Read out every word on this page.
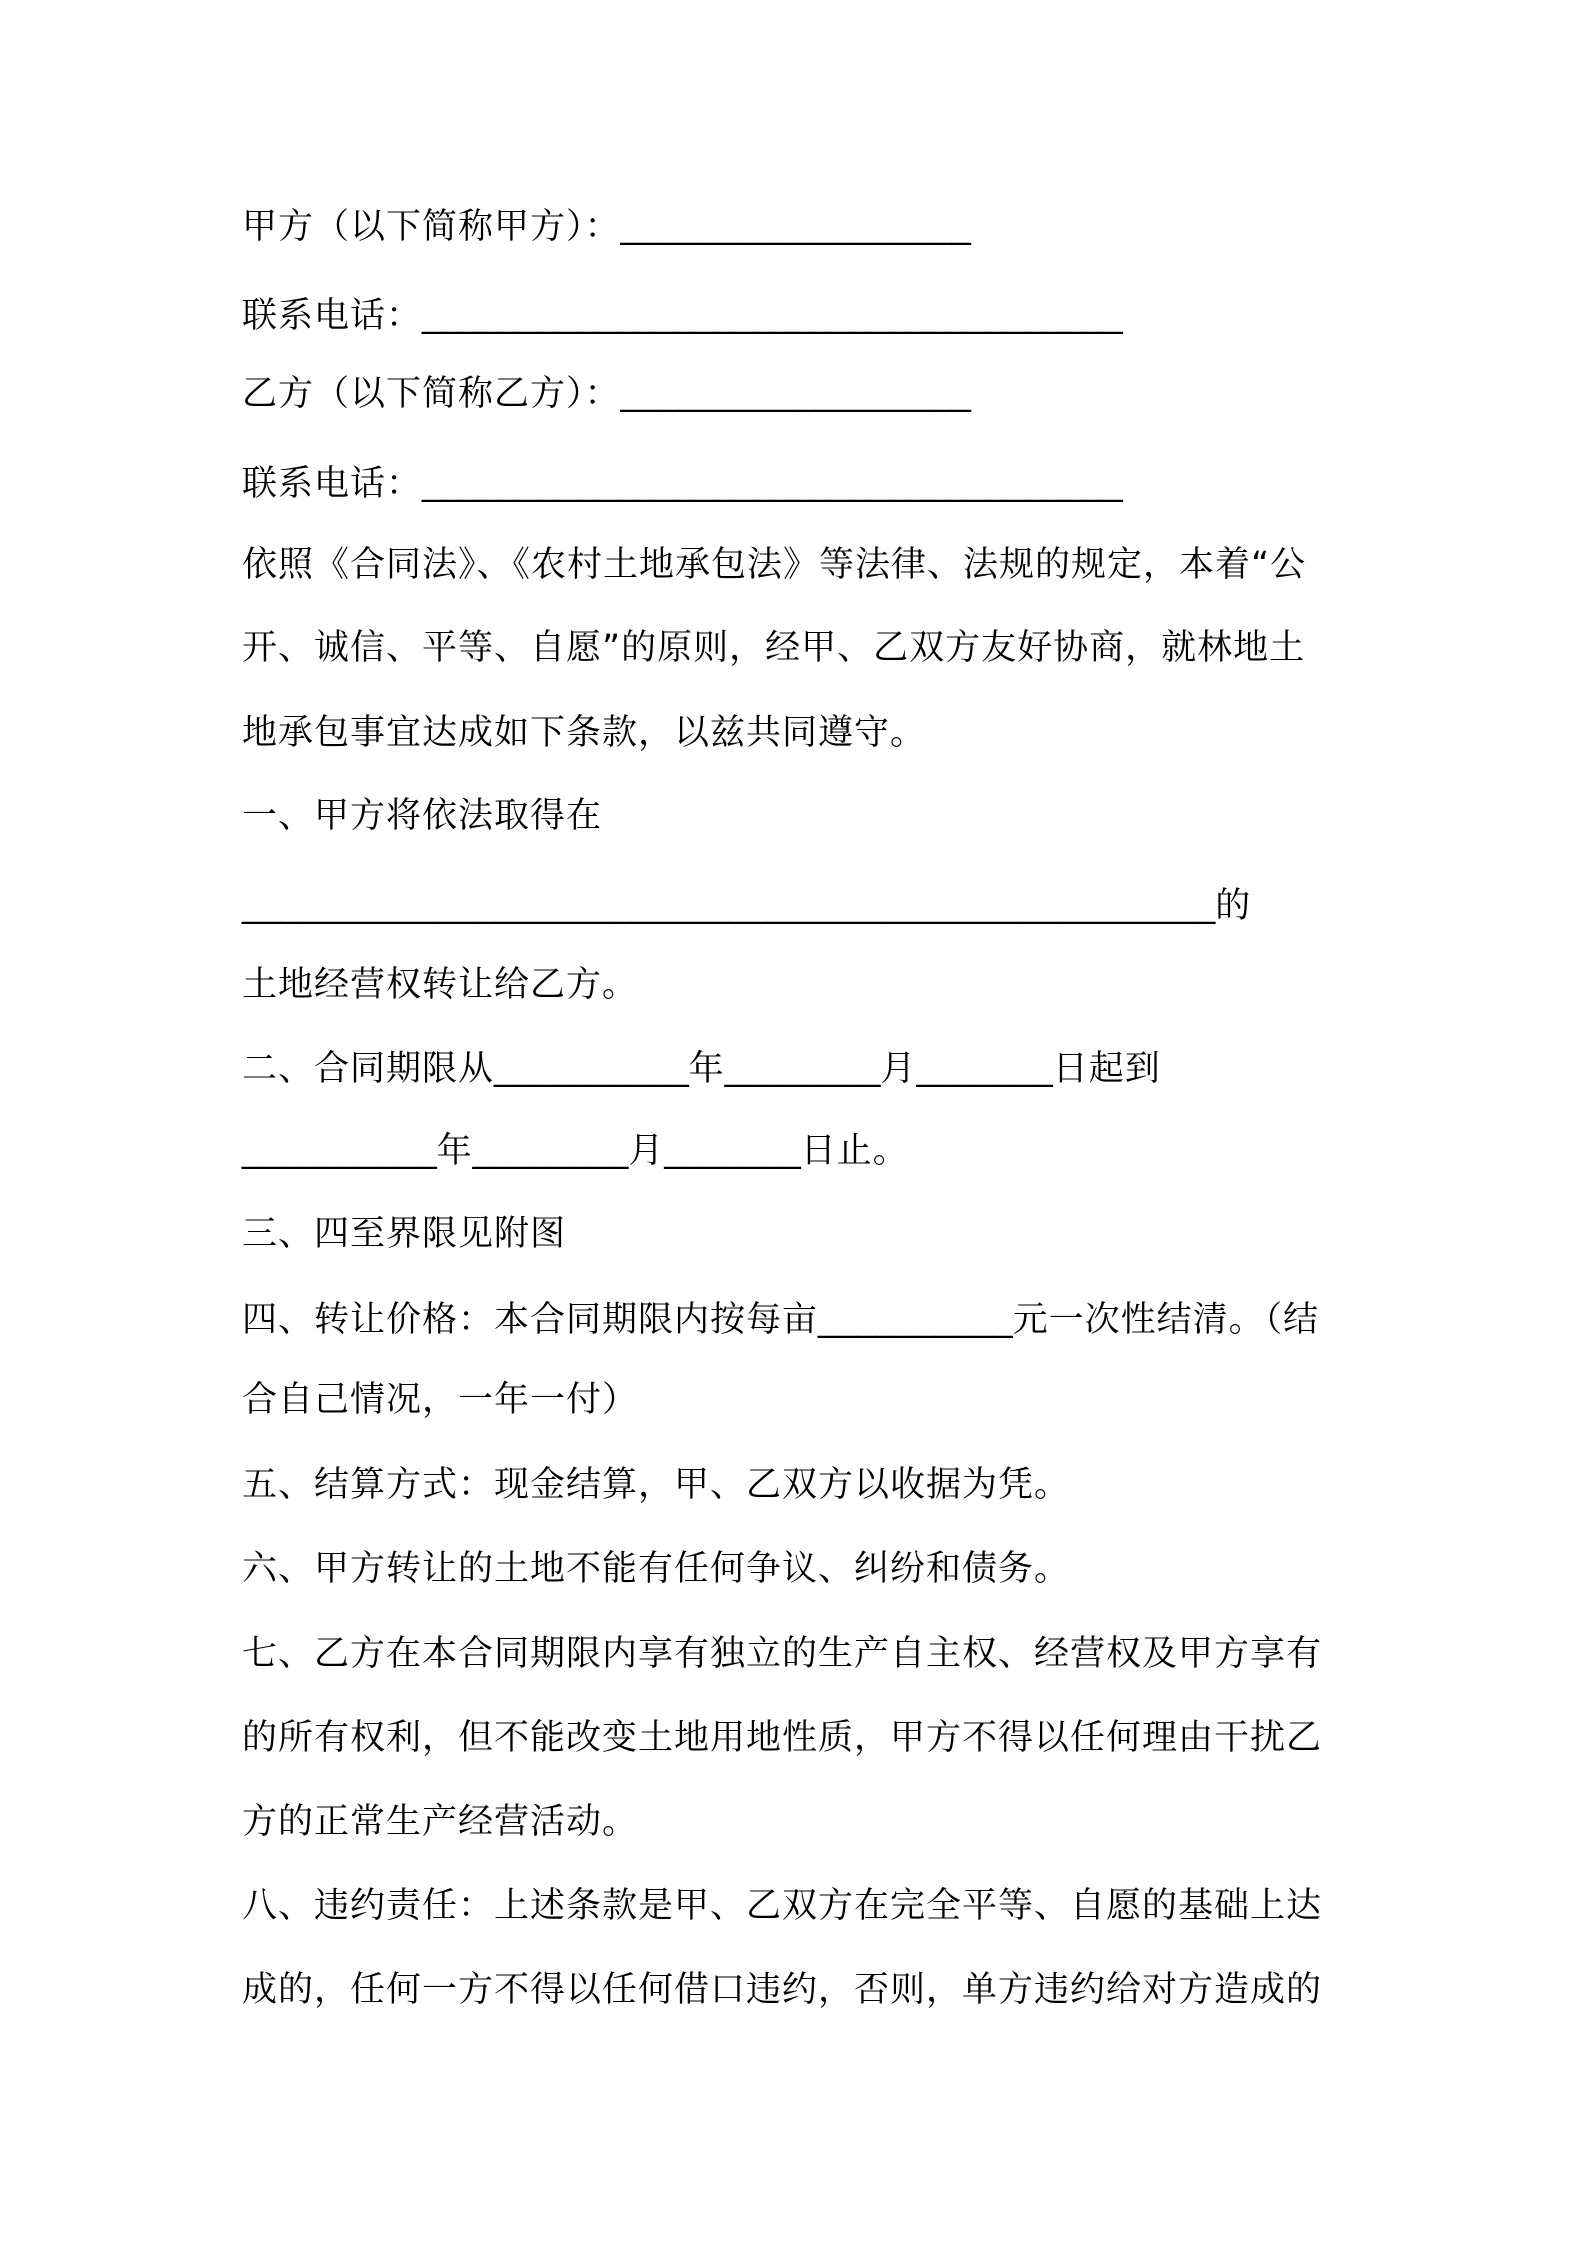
甲方（以下简称甲方）：__________________
联系电话：____________________________________
乙方（以下简称乙方）：__________________
联系电话：____________________________________
依照《合同法》、《农村土地承包法》等法律、法规的规定，本着“公
开、诚信、平等、自愿”的原则，经甲、乙双方友好协商，就林地土
地承包事宜达成如下条款，以兹共同遵守。
一、甲方将依法取得在
__________________________________________________的
土地经营权转让给乙方。
二、合同期限从__________年________月_______日起到
__________年________月_______日止。
三、四至界限见附图
四、转让价格：本合同期限内按每亩__________元一次性结清。（结
合自己情况，一年一付）
五、结算方式：现金结算，甲、乙双方以收据为凭。
六、甲方转让的土地不能有任何争议、纠纷和债务。
七、乙方在本合同期限内享有独立的生产自主权、经营权及甲方享有
的所有权利，但不能改变土地用地性质，甲方不得以任何理由干扰乙
方的正常生产经营活动。
八、违约责任：上述条款是甲、乙双方在完全平等、自愿的基础上达
成的，任何一方不得以任何借口违约，否则，单方违约给对方造成的
